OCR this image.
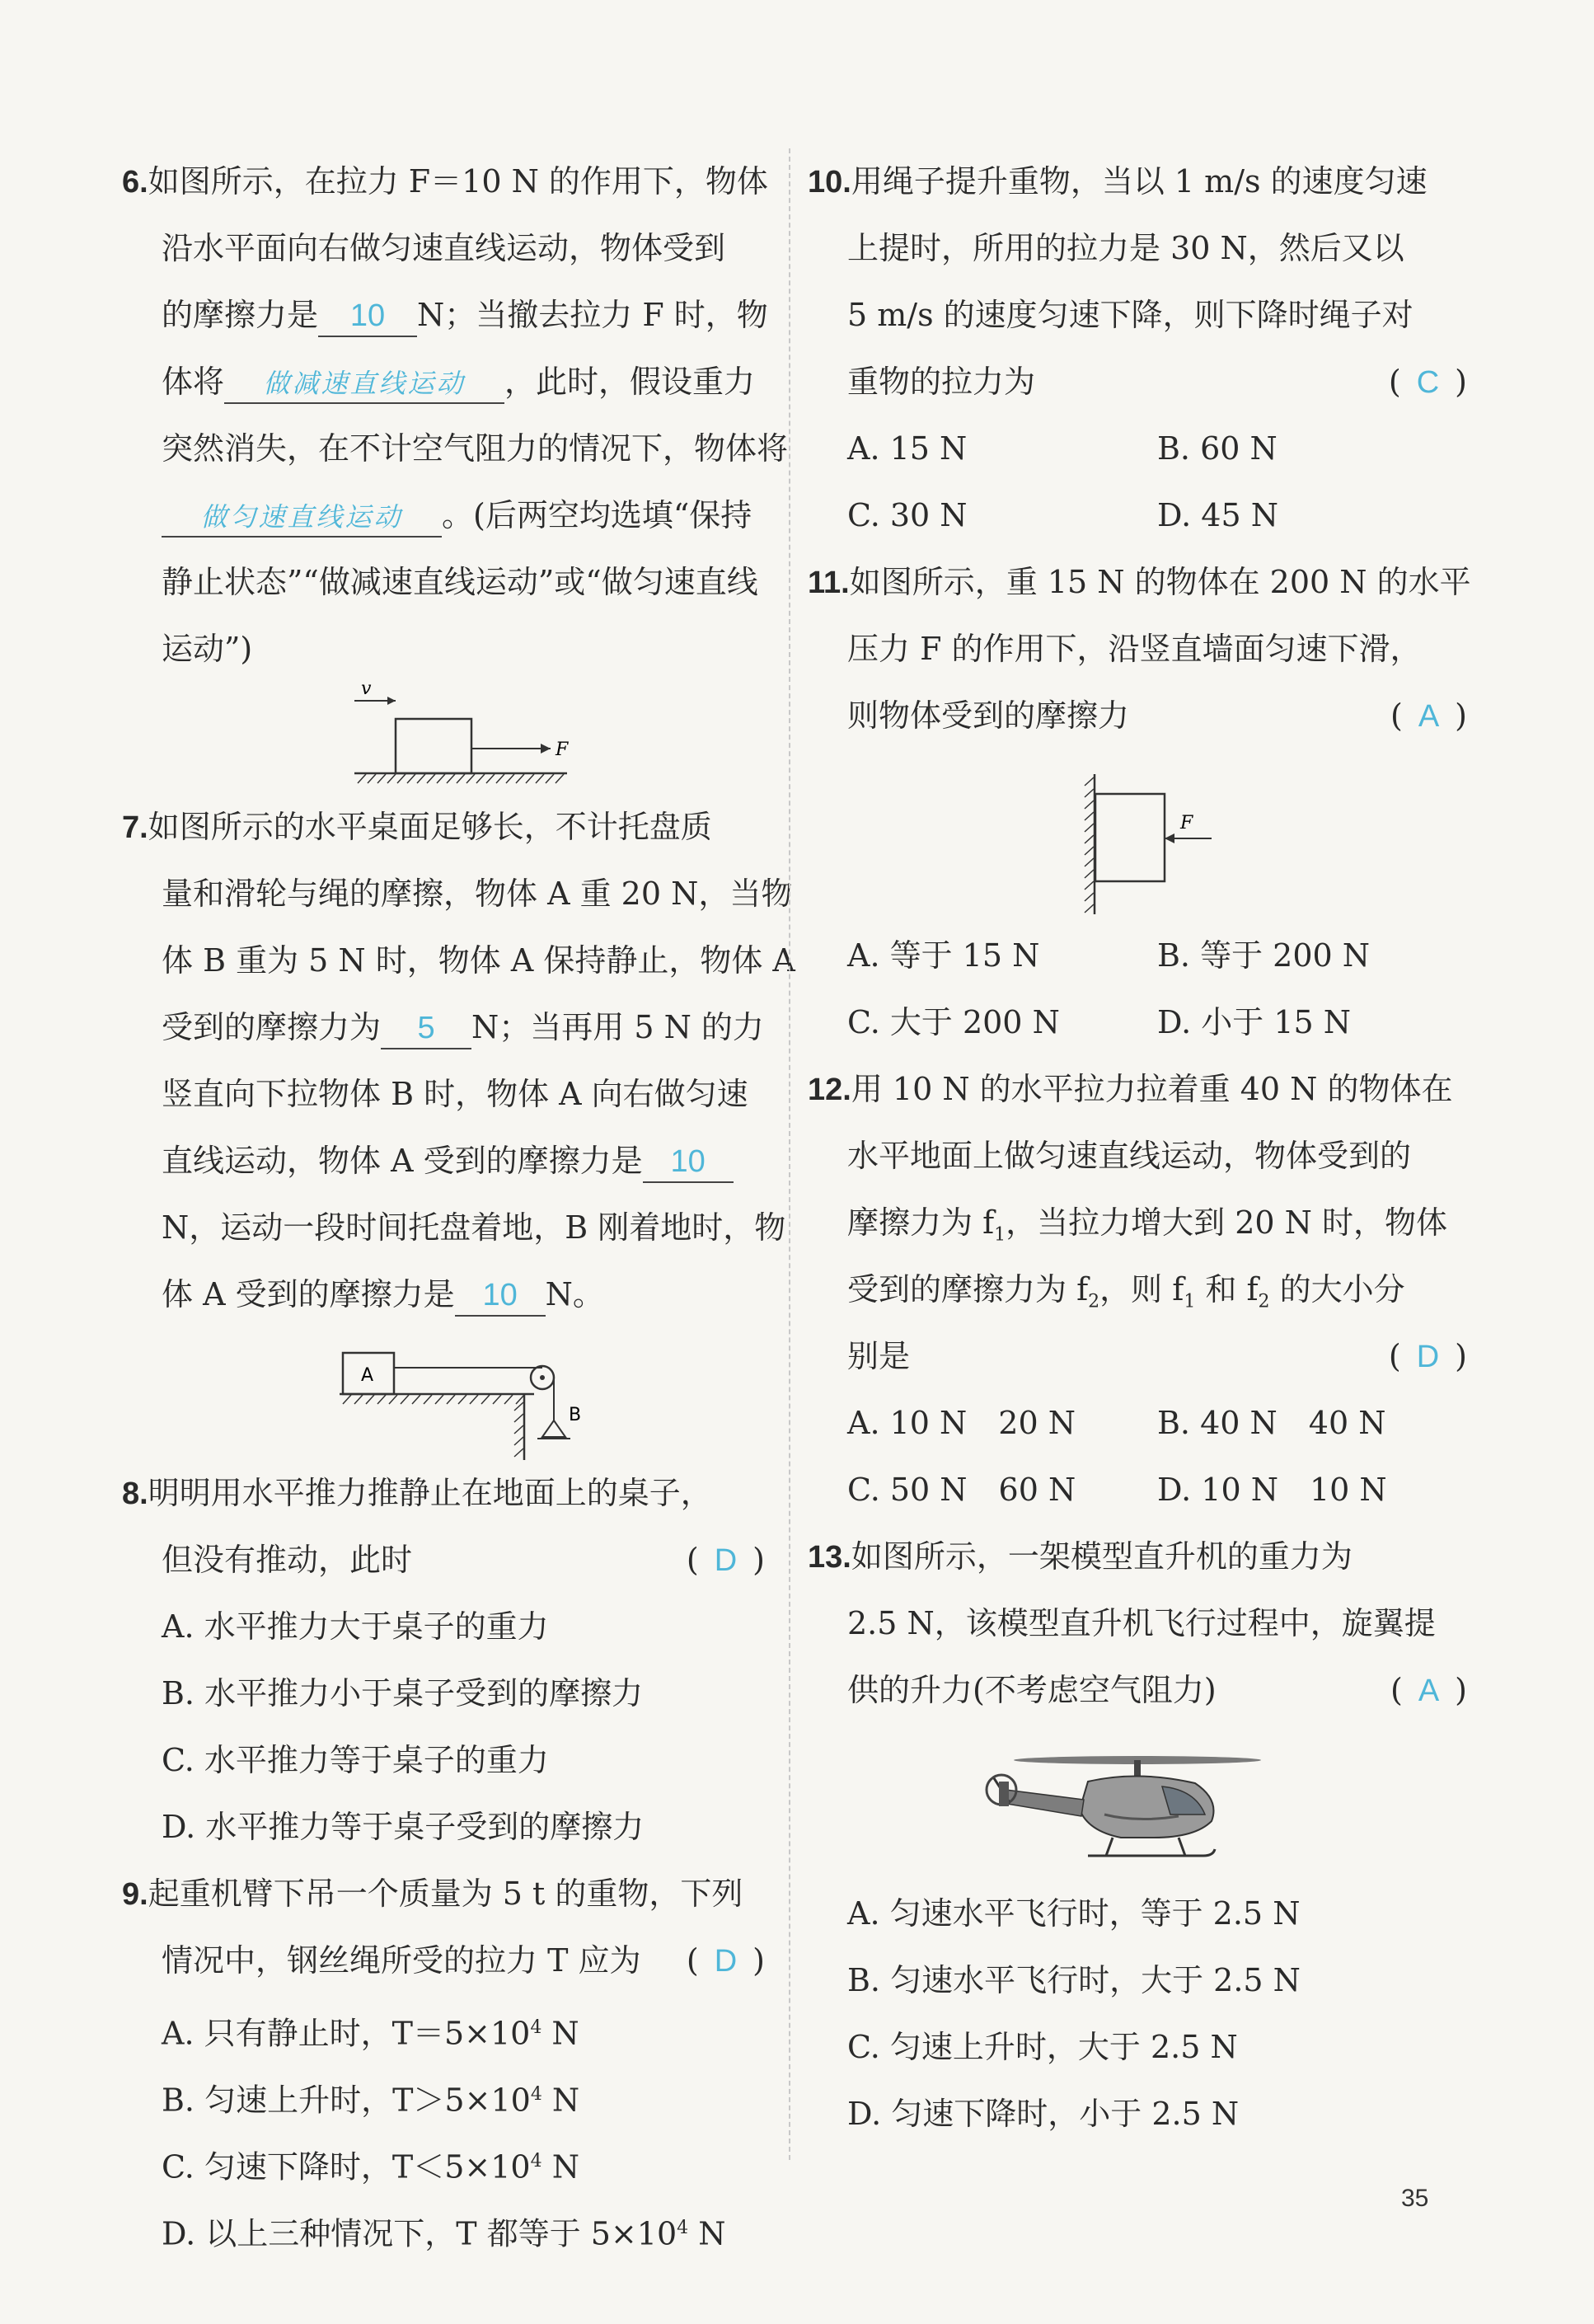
6.如图所示，在拉力 F＝10 N 的作用下，物体
沿水平面向右做匀速直线运动，物体受到
的摩擦力是 10 N；当撤去拉力 F 时，物
体将 做减速直线运动 ，此时，假设重力
突然消失，在不计空气阻力的情况下，物体将
做匀速直线运动 。(后两空均选填“保持
静止状态”“做减速直线运动”或“做匀速直线
运动”)
v
F
7.如图所示的水平桌面足够长，不计托盘质
量和滑轮与绳的摩擦，物体 A 重 20 N，当物
体 B 重为 5 N 时，物体 A 保持静止，物体 A
受到的摩擦力为 5 N；当再用 5 N 的力
竖直向下拉物体 B 时，物体 A 向右做匀速
直线运动，物体 A 受到的摩擦力是 10
N，运动一段时间托盘着地，B 刚着地时，物
体 A 受到的摩擦力是 10 N。
A
B
8.明明用水平推力推静止在地面上的桌子，
但没有推动，此时	(  D  )
A. 水平推力大于桌子的重力
B. 水平推力小于桌子受到的摩擦力
C. 水平推力等于桌子的重力
D. 水平推力等于桌子受到的摩擦力
9.起重机臂下吊一个质量为 5 t 的重物，下列
情况中，钢丝绳所受的拉力 T 应为 (  D  )
A. 只有静止时，$T=5\times 10^4$ N
B. 匀速上升时，$T>5\times 10^4$ N
C. 匀速下降时，$T<5\times 10^4$ N
D. 以上三种情况下，T 都等于 $5\times 10^4$ N
10.用绳子提升重物，当以 1 m/s 的速度匀速
上提时，所用的拉力是 30 N，然后又以
5 m/s 的速度匀速下降，则下降时绳子对
重物的拉力为	(  C  )
A. 15 N	B. 60 N
C. 30 N	D. 45 N
11.如图所示，重 15 N 的物体在 200 N 的水平
压力 F 的作用下，沿竖直墙面匀速下滑，
则物体受到的摩擦力	(  A  )
F
A. 等于 15 N	B. 等于 200 N
C. 大于 200 N	D. 小于 15 N
12.用 10 N 的水平拉力拉着重 40 N 的物体在
水平地面上做匀速直线运动，物体受到的
摩擦力为 $f_1$，当拉力增大到 20 N 时，物体
受到的摩擦力为 $f_2$，则 $f_1$ 和 $f_2$ 的大小分
别是	(  D  )
A. 10 N　20 N	B. 40 N　40 N
C. 50 N　60 N	D. 10 N　10 N
13.如图所示，一架模型直升机的重力为
2.5 N，该模型直升机飞行过程中，旋翼提
供的升力(不考虑空气阻力)	(  A  )
A. 匀速水平飞行时，等于 2.5 N
B. 匀速水平飞行时，大于 2.5 N
C. 匀速上升时，大于 2.5 N
D. 匀速下降时，小于 2.5 N
35
